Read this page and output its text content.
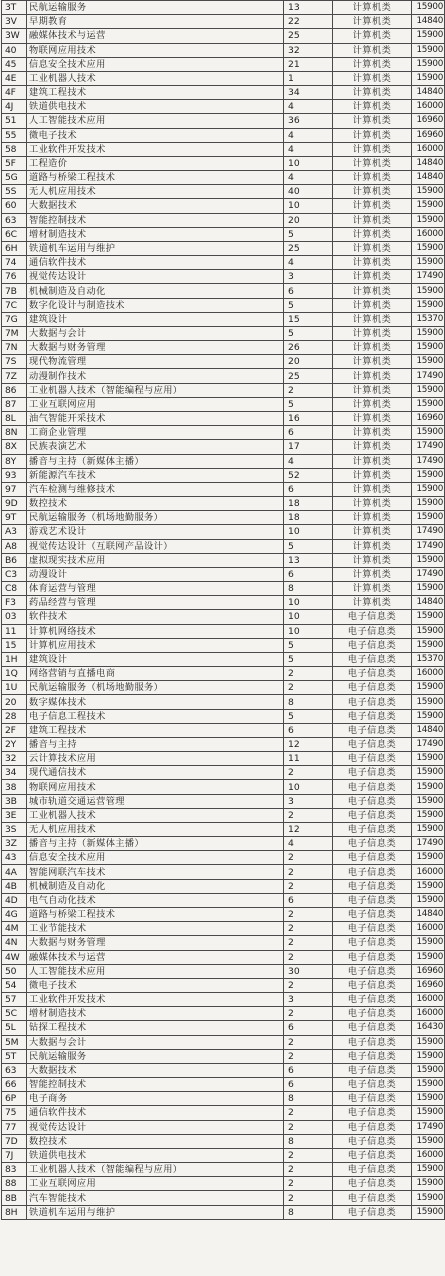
3T	民航运输服务	13	计算机类	15900
3V	早期教育	22	计算机类	14840
3W	融媒体技术与运营	25	计算机类	15900
40	物联网应用技术	32	计算机类	15900
45	信息安全技术应用	21	计算机类	15900
4E	工业机器人技术	1	计算机类	15900
4F	建筑工程技术	34	计算机类	14840
4J	铁道供电技术	4	计算机类	16000
51	人工智能技术应用	36	计算机类	16960
55	微电子技术	4	计算机类	16960
58	工业软件开发技术	4	计算机类	16000
5F	工程造价	10	计算机类	14840
5G	道路与桥梁工程技术	4	计算机类	14840
5S	无人机应用技术	40	计算机类	15900
60	大数据技术	10	计算机类	15900
63	智能控制技术	20	计算机类	15900
6C	增材制造技术	5	计算机类	16000
6H	铁道机车运用与维护	25	计算机类	15900
74	通信软件技术	4	计算机类	15900
76	视觉传达设计	3	计算机类	17490
7B	机械制造及自动化	6	计算机类	15900
7C	数字化设计与制造技术	5	计算机类	15900
7G	建筑设计	15	计算机类	15370
7M	大数据与会计	5	计算机类	15900
7N	大数据与财务管理	26	计算机类	15900
7S	现代物流管理	20	计算机类	15900
7Z	动漫制作技术	25	计算机类	17490
86	工业机器人技术（智能编程与应用）	2	计算机类	15900
87	工业互联网应用	5	计算机类	15900
8L	油气智能开采技术	16	计算机类	16960
8N	工商企业管理	6	计算机类	15900
8X	民族表演艺术	17	计算机类	17490
8Y	播音与主持（新媒体主播）	4	计算机类	17490
93	新能源汽车技术	52	计算机类	15900
97	汽车检测与维修技术	6	计算机类	15900
9D	数控技术	18	计算机类	15900
9T	民航运输服务（机场地勤服务）	18	计算机类	15900
A3	游戏艺术设计	10	计算机类	17490
A8	视觉传达设计（互联网产品设计）	5	计算机类	17490
B6	虚拟现实技术应用	13	计算机类	15900
C3	动漫设计	6	计算机类	17490
C8	体育运营与管理	8	计算机类	15900
F3	药品经营与管理	10	计算机类	14840
03	软件技术	10	电子信息类	15900
11	计算机网络技术	10	电子信息类	15900
15	计算机应用技术	5	电子信息类	15900
1H	建筑设计	5	电子信息类	15370
1Q	网络营销与直播电商	2	电子信息类	16000
1U	民航运输服务（机场地勤服务）	2	电子信息类	15900
20	数字媒体技术	8	电子信息类	15900
28	电子信息工程技术	5	电子信息类	15900
2F	建筑工程技术	6	电子信息类	14840
2Y	播音与主持	12	电子信息类	17490
32	云计算技术应用	11	电子信息类	15900
34	现代通信技术	2	电子信息类	15900
38	物联网应用技术	10	电子信息类	15900
3B	城市轨道交通运营管理	3	电子信息类	15900
3E	工业机器人技术	2	电子信息类	15900
3S	无人机应用技术	12	电子信息类	15900
3Z	播音与主持（新媒体主播）	4	电子信息类	17490
43	信息安全技术应用	2	电子信息类	15900
4A	智能网联汽车技术	2	电子信息类	16000
4B	机械制造及自动化	2	电子信息类	15900
4D	电气自动化技术	6	电子信息类	15900
4G	道路与桥梁工程技术	2	电子信息类	14840
4M	工业节能技术	2	电子信息类	16000
4N	大数据与财务管理	2	电子信息类	15900
4W	融媒体技术与运营	2	电子信息类	15900
50	人工智能技术应用	30	电子信息类	16960
54	微电子技术	2	电子信息类	16960
57	工业软件开发技术	3	电子信息类	16000
5C	增材制造技术	2	电子信息类	16000
5L	钻探工程技术	6	电子信息类	16430
5M	大数据与会计	2	电子信息类	15900
5T	民航运输服务	2	电子信息类	15900
63	大数据技术	6	电子信息类	15900
66	智能控制技术	6	电子信息类	15900
6P	电子商务	8	电子信息类	15900
75	通信软件技术	2	电子信息类	15900
77	视觉传达设计	2	电子信息类	17490
7D	数控技术	8	电子信息类	15900
7J	铁道供电技术	2	电子信息类	16000
83	工业机器人技术（智能编程与应用）	2	电子信息类	15900
88	工业互联网应用	2	电子信息类	15900
8B	汽车智能技术	2	电子信息类	15900
8H	铁道机车运用与维护	8	电子信息类	15900
